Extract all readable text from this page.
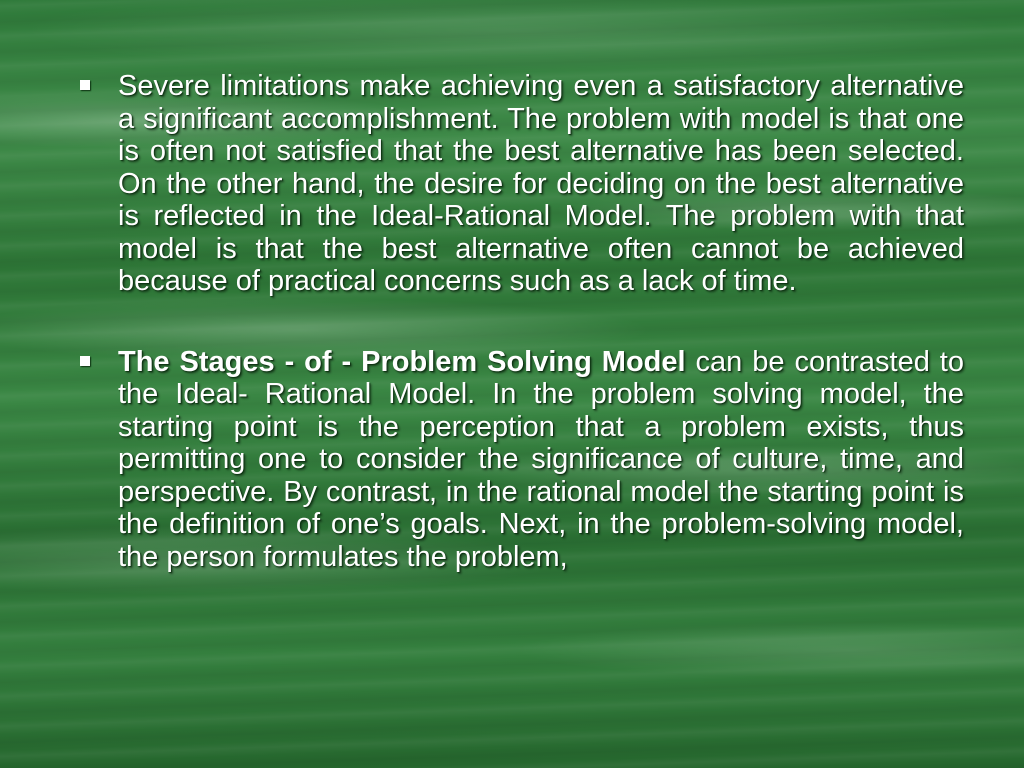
Severe limitations make achieving even a satisfactory alternative a significant accomplishment. The problem with model is that one is often not satisfied that the best alternative has been selected. On the other hand, the desire for deciding on the best alternative is reflected in the Ideal-Rational Model. The problem with that model is that the best alternative often cannot be achieved because of practical concerns such as a lack of time.
The Stages - of - Problem Solving Model can be contrasted to the Ideal- Rational Model. In the problem solving model, the starting point is the perception that a problem exists, thus permitting one to consider the significance of culture, time, and perspective. By contrast, in the rational model the starting point is the definition of one’s goals. Next, in the problem-solving model, the person formulates the problem,
